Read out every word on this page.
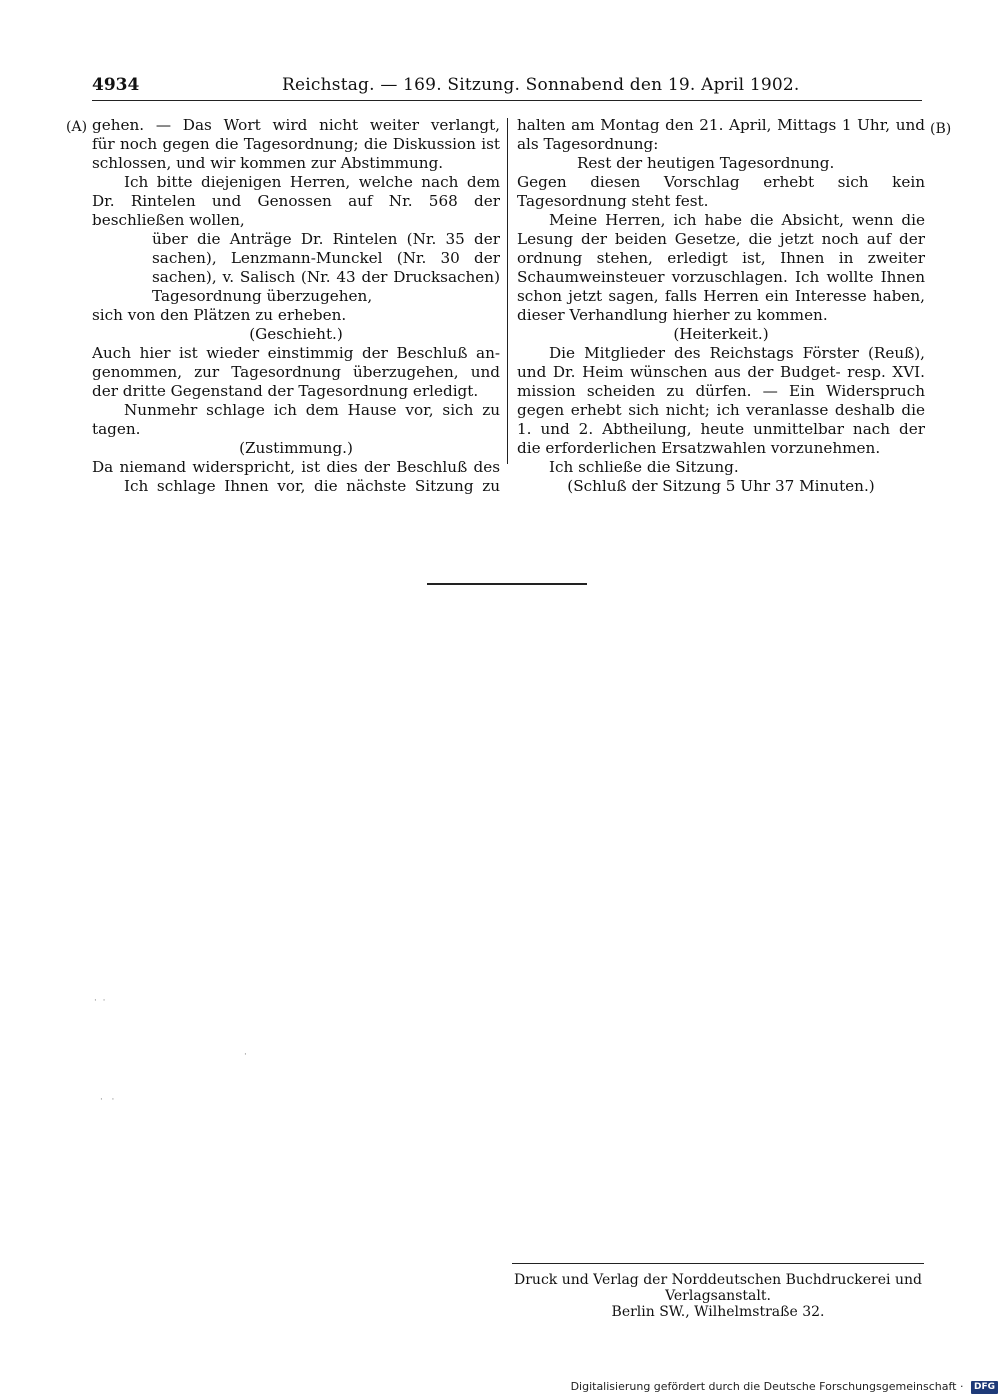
4934	Reichstag. — 169. Sitzung. Sonnabend den 19. April 1902.
(A)	(B)
gehen. — Das Wort wird nicht weiter verlangt,
für noch gegen die Tagesordnung; die Diskussion ist
schlossen, und wir kommen zur Abstimmung.
Ich bitte diejenigen Herren, welche nach dem
Dr. Rintelen und Genossen auf Nr. 568 der
beschließen wollen,
über die Anträge Dr. Rintelen (Nr. 35 der
sachen), Lenzmann-Munckel (Nr. 30 der
sachen), v. Salisch (Nr. 43 der Drucksachen)
Tagesordnung überzugehen,
sich von den Plätzen zu erheben.
(Geschieht.)
Auch hier ist wieder einstimmig der Beschluß an-
genommen, zur Tagesordnung überzugehen, und
der dritte Gegenstand der Tagesordnung erledigt.
Nunmehr schlage ich dem Hause vor, sich zu
tagen.
(Zustimmung.)
Da niemand widerspricht, ist dies der Beschluß des
Ich schlage Ihnen vor, die nächste Sitzung zu
halten am Montag den 21. April, Mittags 1 Uhr, und
als Tagesordnung:
Rest der heutigen Tagesordnung.
Gegen diesen Vorschlag erhebt sich kein
Tagesordnung steht fest.
Meine Herren, ich habe die Absicht, wenn die
Lesung der beiden Gesetze, die jetzt noch auf der
ordnung stehen, erledigt ist, Ihnen in zweiter
Schaumweinsteuer vorzuschlagen. Ich wollte Ihnen
schon jetzt sagen, falls Herren ein Interesse haben,
dieser Verhandlung hierher zu kommen.
(Heiterkeit.)
Die Mitglieder des Reichstags Förster (Reuß),
und Dr. Heim wünschen aus der Budget- resp. XVI.
mission scheiden zu dürfen. — Ein Widerspruch
gegen erhebt sich nicht; ich veranlasse deshalb die
1. und 2. Abtheilung, heute unmittelbar nach der
die erforderlichen Ersatzwahlen vorzunehmen.
Ich schließe die Sitzung.
(Schluß der Sitzung 5 Uhr 37 Minuten.)
·  ·
·
·   ·
Druck und Verlag der Norddeutschen Buchdruckerei und Verlagsanstalt.
Berlin SW., Wilhelmstraße 32.
Digitalisierung gefördert durch die Deutsche Forschungsgemeinschaft · DFG
